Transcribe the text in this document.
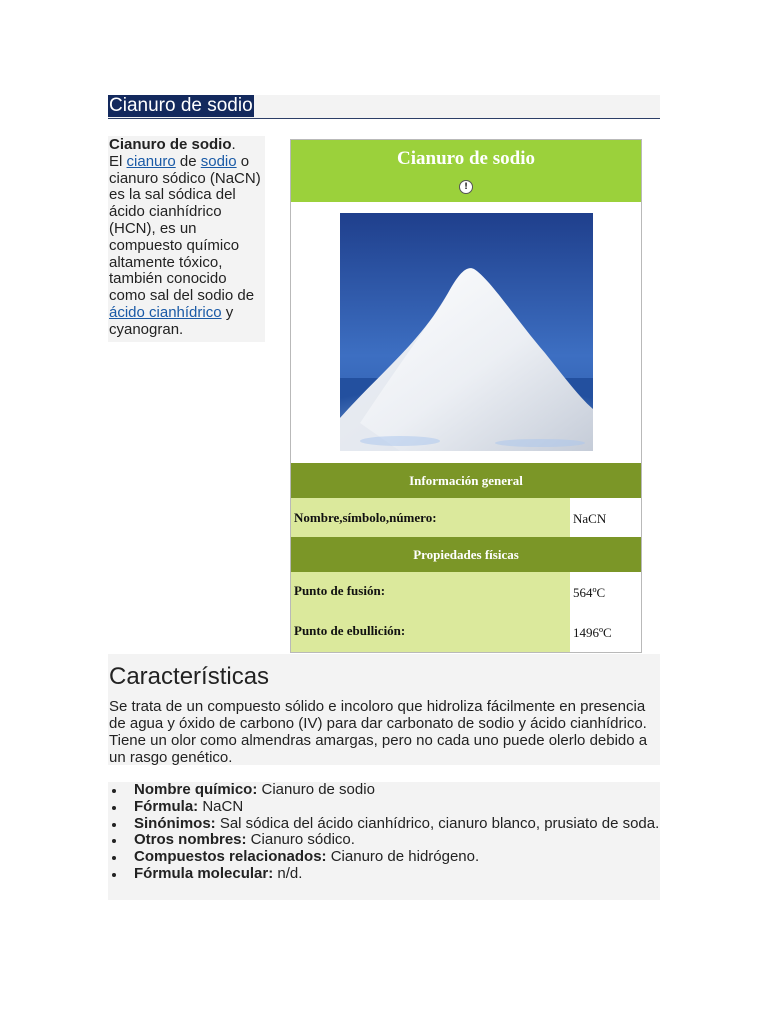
Cianuro de sodio
Cianuro de sodio.
El cianuro de sodio o cianuro sódico (NaCN) es la sal sódica del ácido cianhídrico (HCN), es un compuesto químico altamente tóxico, también conocido como sal del sodio de ácido cianhídrico y cyanogran.
Cianuro de sodio
!
Información general
Nombre,símbolo,número:	NaCN
Propiedades físicas
Punto de fusión:	564ºC
Punto de ebullición:	1496ºC
Características

Se trata de un compuesto sólido e incoloro que hidroliza fácilmente en presencia de agua y óxido de carbono (IV) para dar carbonato de sodio y ácido cianhídrico. Tiene un olor como almendras amargas, pero no cada uno puede olerlo debido a un rasgo genético.

Nombre químico: Cianuro de sodio
Fórmula: NaCN
Sinónimos: Sal sódica del ácido cianhídrico, cianuro blanco, prusiato de soda.
Otros nombres: Cianuro sódico.
Compuestos relacionados: Cianuro de hidrógeno.
Fórmula molecular: n/d.
